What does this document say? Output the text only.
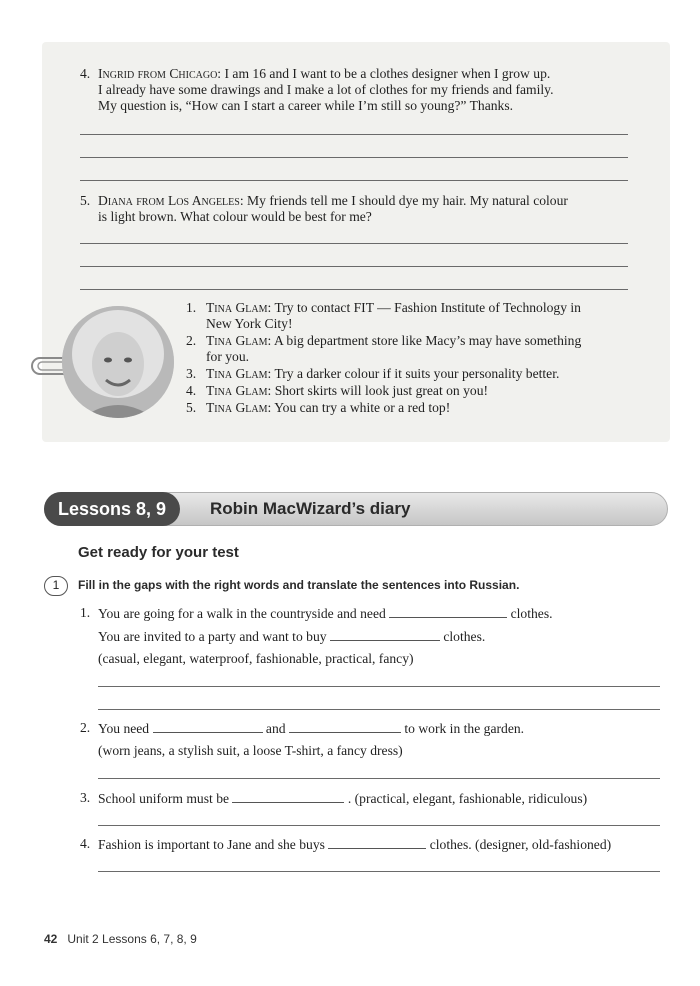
4. Ingrid from Chicago: I am 16 and I want to be a clothes designer when I grow up.
I already have some drawings and I make a lot of clothes for my friends and family.
My question is, “How can I start a career while I’m still so young?” Thanks.
5. Diana from Los Angeles: My friends tell me I should dye my hair. My natural colour
is light brown. What colour would be best for me?
1. Tina Glam: Try to contact FIT — Fashion Institute of Technology in
New York City!
2. Tina Glam: A big department store like Macy’s may have something
for you.
3. Tina Glam: Try a darker colour if it suits your personality better.
4. Tina Glam: Short skirts will look just great on you!
5. Tina Glam: You can try a white or a red top!
Lessons 8, 9	Robin MacWizard’s diary
Get ready for your test
1	Fill in the gaps with the right words and translate the sentences into Russian.
1. You are going for a walk in the countryside and need	clothes.
You are invited to a party and want to buy	clothes.
(casual, elegant, waterproof, fashionable, practical, fancy)
2. You need	and	to work in the garden.
(worn jeans, a stylish suit, a loose T-shirt, a fancy dress)
3. School uniform must be	. (practical, elegant, fashionable, ridiculous)
4. Fashion is important to Jane and she buys	clothes. (designer, old-fashioned)
42 Unit 2 Lessons 6, 7, 8, 9
